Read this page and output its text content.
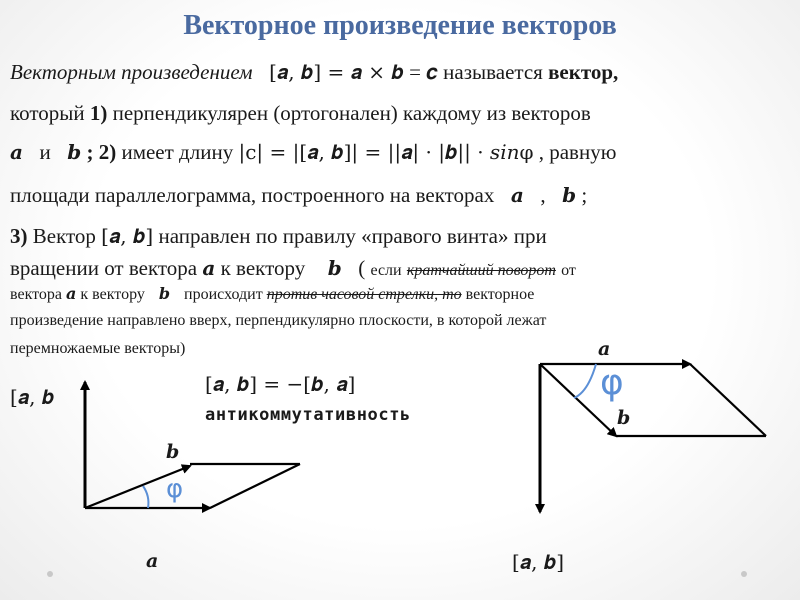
Векторное произведение векторов
Векторным произведением [𝒂, 𝒃] = 𝒂 × 𝒃 = 𝒄 называется вектор,
который 1) перпендикулярен (ортогонален) каждому из векторов
𝒂 и 𝒃 ; 2) имеет длину |c| = |[𝒂, 𝒃]| = ||𝒂| · |𝒃|| · 𝑠𝑖𝑛φ , равную
площади параллелограмма, построенного на векторах 𝒂 , 𝒃 ;
3) Вектор [𝒂, 𝒃] направлен по правилу «правого винта» при
вращении от вектора 𝒂 к вектору 𝒃 ( если кратчайший поворот от
вектора 𝒂 к вектору 𝒃 происходит против часовой стрелки, то векторное
произведение направлено вверх, перпендикулярно плоскости, в которой лежат
перемножаемые векторы)
[𝒂, 𝒃] = −[𝒃, 𝒂]
антикоммутативность
[𝒂, 𝒃
𝒃
𝒂
φ
𝒂
𝒃
[𝒂, 𝒃]
φ
